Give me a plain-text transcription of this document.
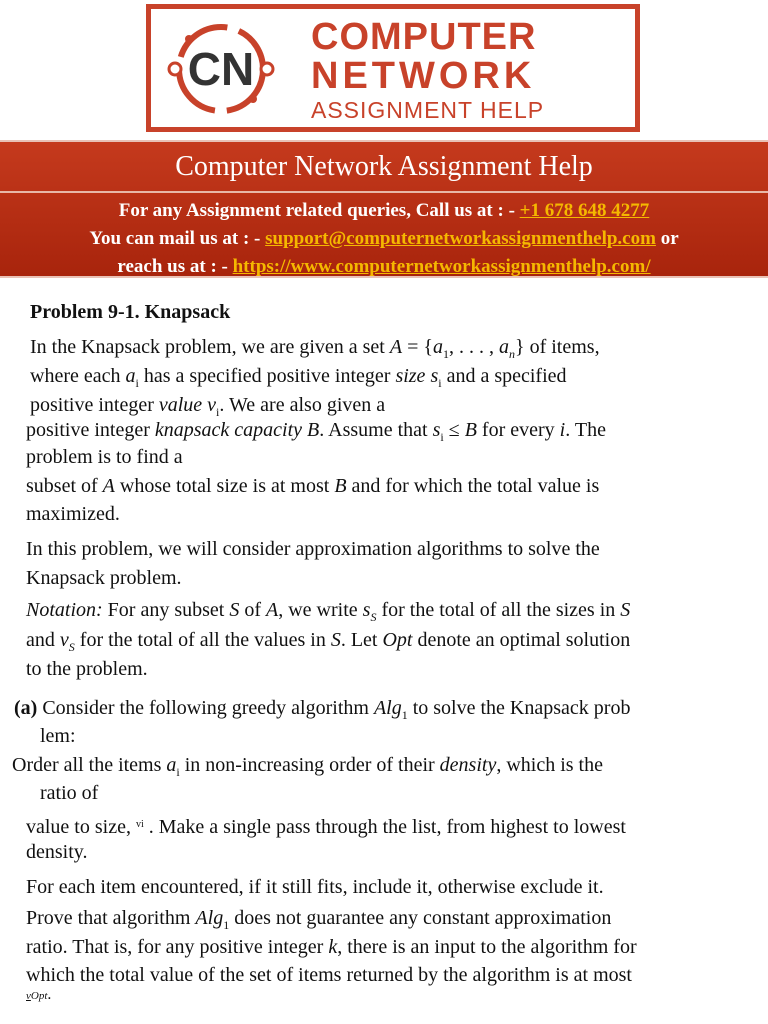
CN
COMPUTER
NETWORK
ASSIGNMENT HELP
Computer Network Assignment Help
For any Assignment related queries, Call us at : - +1 678 648 4277
You can mail us at : - support@computernetworkassignmenthelp.com or
reach us at : - https://www.computernetworkassignmenthelp.com/
Problem 9-1. Knapsack
In the Knapsack problem, we are given a set $A = \{a_1$, . . . , $a_n$} of items,
where each $a_i$ has a specified positive integer size $s_i$ and a specified
positive integer value $v_i$. We are also given a
positive integer knapsack capacity B. Assume that $s_i \le B$ for every i. The
problem is to find a
subset of A whose total size is at most B and for which the total value is
maximized.
In this problem, we will consider approximation algorithms to solve the
Knapsack problem.
Notation: For any subset S of A, we write $s_S$ for the total of all the sizes in S
and $v_S$ for the total of all the values in S. Let Opt denote an optimal solution
to the problem.
(a) Consider the following greedy algorithm Alg$_1$ to solve the Knapsack prob
lem:
Order all the items $a_i$ in non-increasing order of their density, which is the
ratio of
value to size, vi . Make a single pass through the list, from highest to lowest
density.
For each item encountered, if it still fits, include it, otherwise exclude it.
Prove that algorithm Alg$_1$ does not guarantee any constant approximation
ratio. That is, for any positive integer k, there is an input to the algorithm for
which the total value of the set of items returned by the algorithm is at most
vOpt.
